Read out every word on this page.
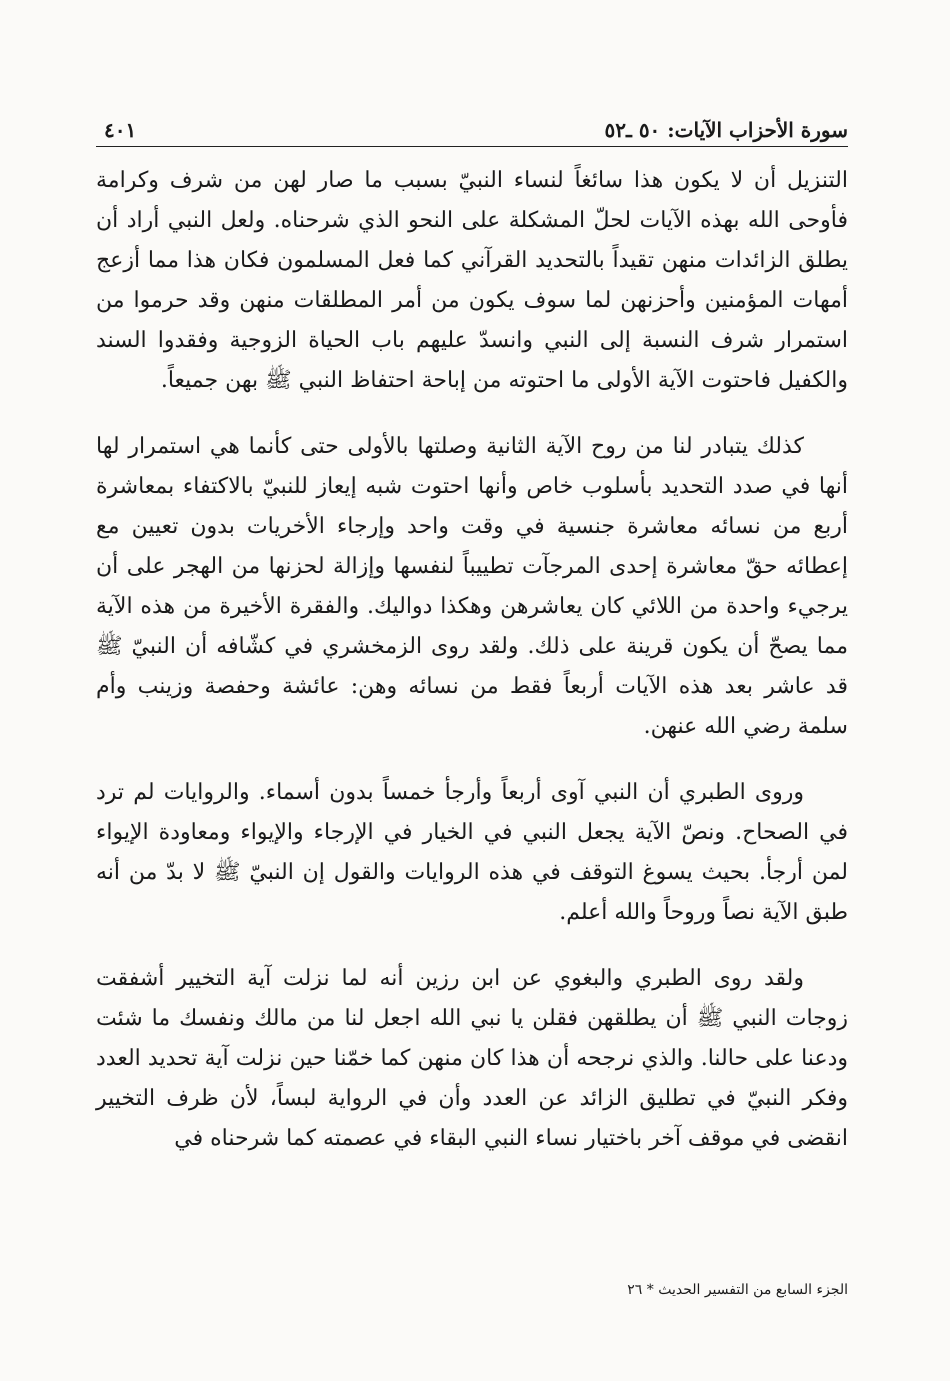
سورة الأحزاب الآيات: ٥٠ ـ٥٢
٤٠١

التنزيل أن لا يكون هذا سائغاً لنساء النبيّ بسبب ما صار لهن من شرف وكرامة فأوحى الله بهذه الآيات لحلّ المشكلة على النحو الذي شرحناه. ولعل النبي أراد أن يطلق الزائدات منهن تقيداً بالتحديد القرآني كما فعل المسلمون فكان هذا مما أزعج أمهات المؤمنين وأحزنهن لما سوف يكون من أمر المطلقات منهن وقد حرموا من استمرار شرف النسبة إلى النبي وانسدّ عليهم باب الحياة الزوجية وفقدوا السند والكفيل فاحتوت الآية الأولى ما احتوته من إباحة احتفاظ النبي ﷺ بهن جميعاً.

كذلك يتبادر لنا من روح الآية الثانية وصلتها بالأولى حتى كأنما هي استمرار لها أنها في صدد التحديد بأسلوب خاص وأنها احتوت شبه إيعاز للنبيّ بالاكتفاء بمعاشرة أربع من نسائه معاشرة جنسية في وقت واحد وإرجاء الأخريات بدون تعيين مع إعطائه حقّ معاشرة إحدى المرجآت تطييباً لنفسها وإزالة لحزنها من الهجر على أن يرجيء واحدة من اللائي كان يعاشرهن وهكذا دواليك. والفقرة الأخيرة من هذه الآية مما يصحّ أن يكون قرينة على ذلك. ولقد روى الزمخشري في كشّافه أن النبيّ ﷺ قد عاشر بعد هذه الآيات أربعاً فقط من نسائه وهن: عائشة وحفصة وزينب وأم سلمة رضي الله عنهن.

وروى الطبري أن النبي آوى أربعاً وأرجأ خمساً بدون أسماء. والروايات لم ترد في الصحاح. ونصّ الآية يجعل النبي في الخيار في الإرجاء والإيواء ومعاودة الإيواء لمن أرجأ. بحيث يسوغ التوقف في هذه الروايات والقول إن النبيّ ﷺ لا بدّ من أنه طبق الآية نصاً وروحاً والله أعلم.

ولقد روى الطبري والبغوي عن ابن رزين أنه لما نزلت آية التخيير أشفقت زوجات النبي ﷺ أن يطلقهن فقلن يا نبي الله اجعل لنا من مالك ونفسك ما شئت ودعنا على حالنا. والذي نرجحه أن هذا كان منهن كما خمّنا حين نزلت آية تحديد العدد وفكر النبيّ في تطليق الزائد عن العدد وأن في الرواية لبساً، لأن ظرف التخيير انقضى في موقف آخر باختيار نساء النبي البقاء في عصمته كما شرحناه في

الجزء السابع من التفسير الحديث * ٢٦
